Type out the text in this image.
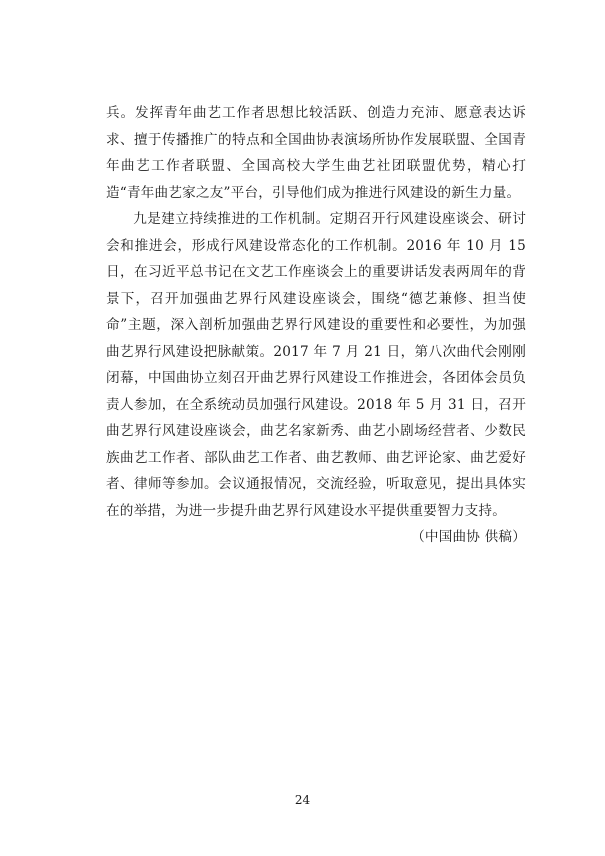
兵。发挥青年曲艺工作者思想比较活跃、创造力充沛、愿意表达诉求、擅于传播推广的特点和全国曲协表演场所协作发展联盟、全国青年曲艺工作者联盟、全国高校大学生曲艺社团联盟优势，精心打造“青年曲艺家之友”平台，引导他们成为推进行风建设的新生力量。

九是建立持续推进的工作机制。定期召开行风建设座谈会、研讨会和推进会，形成行风建设常态化的工作机制。2016 年 10 月 15 日，在习近平总书记在文艺工作座谈会上的重要讲话发表两周年的背景下，召开加强曲艺界行风建设座谈会，围绕“德艺兼修、担当使命”主题，深入剖析加强曲艺界行风建设的重要性和必要性，为加强曲艺界行风建设把脉献策。2017 年 7 月 21 日，第八次曲代会刚刚闭幕，中国曲协立刻召开曲艺界行风建设工作推进会，各团体会员负责人参加，在全系统动员加强行风建设。2018 年 5 月 31 日，召开曲艺界行风建设座谈会，曲艺名家新秀、曲艺小剧场经营者、少数民族曲艺工作者、部队曲艺工作者、曲艺教师、曲艺评论家、曲艺爱好者、律师等参加。会议通报情况，交流经验，听取意见，提出具体实在的举措，为进一步提升曲艺界行风建设水平提供重要智力支持。

（中国曲协 供稿）

24
